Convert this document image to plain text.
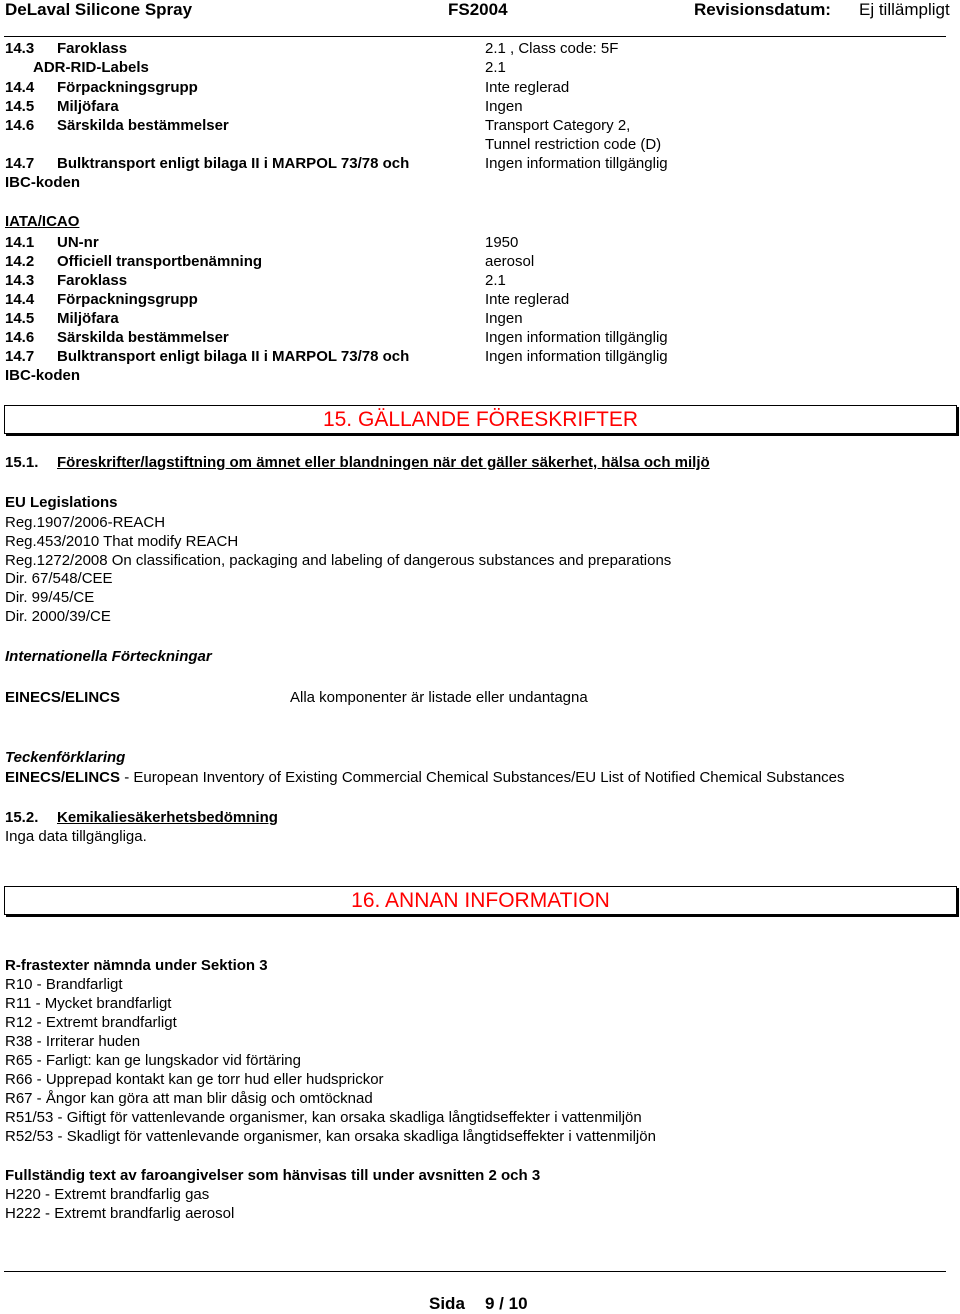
DeLaval Silicone Spray	FS2004	Revisionsdatum: Ej tillämpligt
14.3 Faroklass	2.1 , Class code: 5F
ADR-RID-Labels	2.1
14.4 Förpackningsgrupp	Inte reglerad
14.5 Miljöfara	Ingen
14.6 Särskilda bestämmelser	Transport Category 2,
Tunnel restriction code (D)
14.7 Bulktransport enligt bilaga II i MARPOL 73/78 och	Ingen information tillgänglig
IBC-koden
IATA/ICAO
14.1 UN-nr	1950
14.2 Officiell transportbenämning	aerosol
14.3 Faroklass	2.1
14.4 Förpackningsgrupp	Inte reglerad
14.5 Miljöfara	Ingen
14.6 Särskilda bestämmelser	Ingen information tillgänglig
14.7 Bulktransport enligt bilaga II i MARPOL 73/78 och	Ingen information tillgänglig
IBC-koden
15. GÄLLANDE FÖRESKRIFTER
15.1. Föreskrifter/lagstiftning om ämnet eller blandningen när det gäller säkerhet, hälsa och miljö
EU Legislations
Reg.1907/2006-REACH
Reg.453/2010 That modify REACH
Reg.1272/2008 On classification, packaging and labeling of dangerous substances and preparations
Dir. 67/548/CEE
Dir. 99/45/CE
Dir. 2000/39/CE
Internationella Förteckningar
EINECS/ELINCS	Alla komponenter är listade eller undantagna
Teckenförklaring
EINECS/ELINCS - European Inventory of Existing Commercial Chemical Substances/EU List of Notified Chemical Substances
15.2. Kemikaliesäkerhetsbedömning
Inga data tillgängliga.
16. ANNAN INFORMATION
R-frastexter nämnda under Sektion 3
R10 - Brandfarligt
R11 - Mycket brandfarligt
R12 - Extremt brandfarligt
R38 - Irriterar huden
R65 - Farligt: kan ge lungskador vid förtäring
R66 - Upprepad kontakt kan ge torr hud eller hudsprickor
R67 - Ångor kan göra att man blir dåsig och omtöcknad
R51/53 - Giftigt för vattenlevande organismer, kan orsaka skadliga långtidseffekter i vattenmiljön
R52/53 - Skadligt för vattenlevande organismer, kan orsaka skadliga långtidseffekter i vattenmiljön
Fullständig text av faroangivelser som hänvisas till under avsnitten 2 och 3
H220 - Extremt brandfarlig gas
H222 - Extremt brandfarlig aerosol
Sida 9 / 10
